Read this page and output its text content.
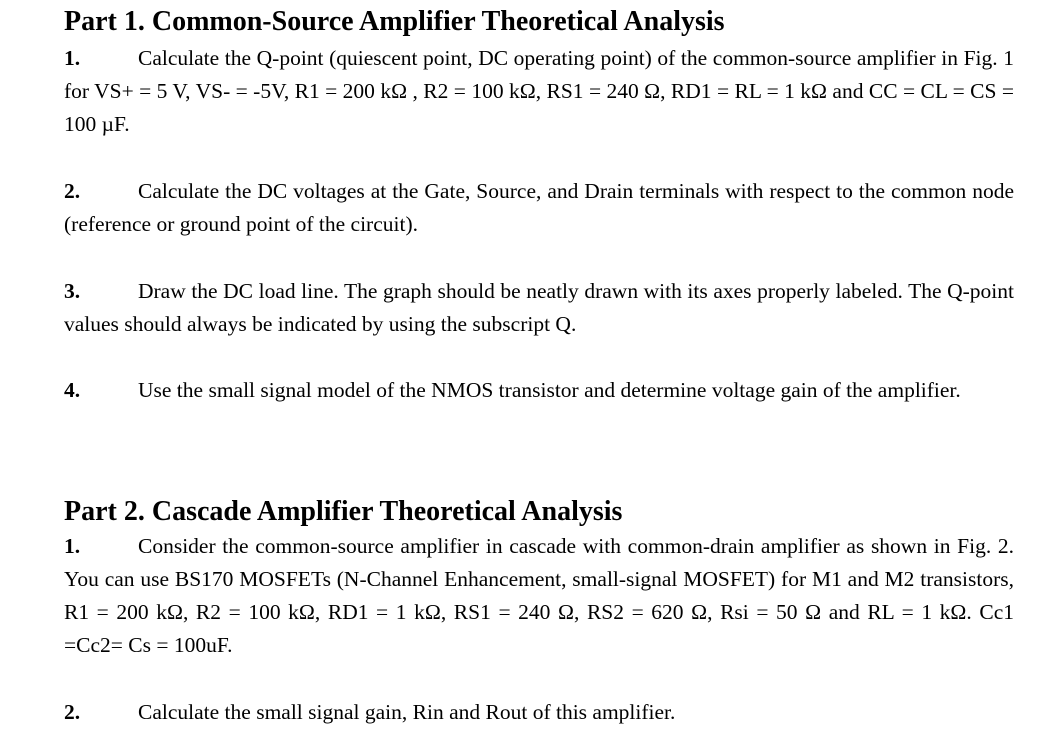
Part 1. Common-Source Amplifier Theoretical Analysis
1.	Calculate the Q-point (quiescent point, DC operating point) of the common-source amplifier in Fig. 1 for VS+ = 5 V, VS- = -5V, R1 = 200 kΩ , R2 = 100 kΩ, RS1 = 240 Ω, RD1 = RL = 1 kΩ and CC = CL = CS = 100 µF.
2.	Calculate the DC voltages at the Gate, Source, and Drain terminals with respect to the common node (reference or ground point of the circuit).
3.	Draw the DC load line. The graph should be neatly drawn with its axes properly labeled. The Q-point values should always be indicated by using the subscript Q.
4.	Use the small signal model of the NMOS transistor and determine voltage gain of the amplifier.
Part 2. Cascade Amplifier Theoretical Analysis
1.	Consider the common-source amplifier in cascade with common-drain amplifier as shown in Fig. 2. You can use BS170 MOSFETs (N-Channel Enhancement, small-signal MOSFET) for M1 and M2 transistors, R1 = 200 kΩ, R2 = 100 kΩ, RD1 = 1 kΩ, RS1 = 240 Ω, RS2 = 620 Ω, Rsi = 50 Ω and RL = 1 kΩ. Cc1 =Cc2= Cs = 100uF.
2.	Calculate the small signal gain, Rin and Rout of this amplifier.
